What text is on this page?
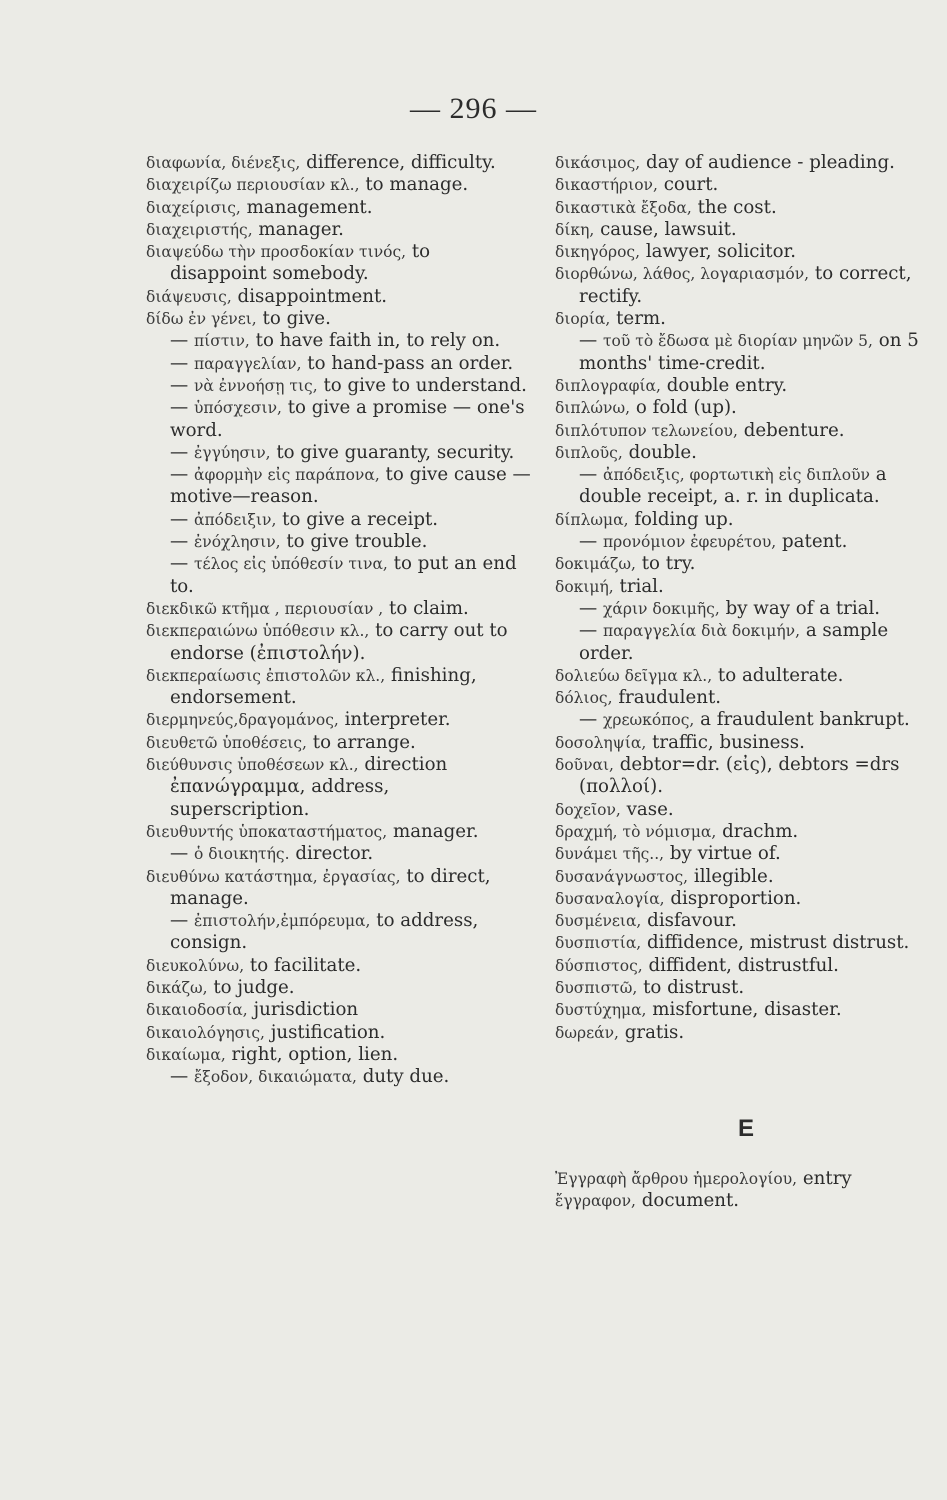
— 296 —

διαφωνία, διένεξις, difference, difficulty.

διαχειρίζω περιουσίαν κλ., to manage.

διαχείρισις, management.

διαχειριστής, manager.

διαψεύδω τὴν προσδοκίαν τινός, to disappoint somebody.

διάψευσις, disappointment.

δίδω ἐν γένει, to give.

— πίστιν, to have faith in, to rely on.

— παραγγελίαν, to hand-pass an order.

— νὰ ἐννοήσῃ τις, to give to understand.

— ὑπόσχεσιν, to give a promise — one's word.

— ἐγγύησιν, to give guaranty, security.

— ἀφορμὴν εἰς παράπονα, to give cause — motive—reason.

— ἀπόδειξιν, to give a receipt.

— ἐνόχλησιν, to give trouble.

— τέλος εἰς ὑπόθεσίν τινα, to put an end to.

διεκδικῶ κτῆμα , περιουσίαν , to claim.

διεκπεραιώνω ὑπόθεσιν κλ., to carry out to endorse (ἐπιστολήν).

διεκπεραίωσις ἐπιστολῶν κλ., finishing, endorsement.

διερμηνεύς,δραγομάνος, interpreter.

διευθετῶ ὑποθέσεις, to arrange.

διεύθυνσις ὑποθέσεων κλ., direction ἐπανώγραμμα, address, superscription.

διευθυντής ὑποκαταστήματος, manager.

— ὁ διοικητής. director.

διευθύνω κατάστημα, ἐργασίας, to direct, manage.

— ἐπιστολήν,ἐμπόρευμα, to address, consign.

διευκολύνω, to facilitate.

δικάζω, to judge.

δικαιοδοσία, jurisdiction

δικαιολόγησις, justification.

δικαίωμα, right, option, lien.

— ἔξοδον, δικαιώματα, duty due.

δικάσιμος, day of audience - pleading.

δικαστήριον, court.

δικαστικὰ ἔξοδα, the cost.

δίκη, cause, lawsuit.

δικηγόρος, lawyer, solicitor.

διορθώνω, λάθος, λογαριασμόν, to correct, rectify.

διορία, term.

— τοῦ τὸ ἔδωσα μὲ διορίαν μηνῶν 5, on 5 months' time-credit.

διπλογραφία, double entry.

διπλώνω, o fold (up).

διπλότυπον τελωνείου, debenture.

διπλοῦς, double.

— ἀπόδειξις, φορτωτικὴ εἰς διπλοῦν a double receipt, a. r. in duplicata.

δίπλωμα, folding up.

— προνόμιον ἐφευρέτου, patent.

δοκιμάζω, to try.

δοκιμή, trial.

— χάριν δοκιμῆς, by way of a trial.

— παραγγελία διὰ δοκιμήν, a sample order.

δολιεύω δεῖγμα κλ., to adulterate.

δόλιος, fraudulent.

— χρεωκόπος, a fraudulent bankrupt.

δοσοληψία, traffic, business.

δοῦναι, debtor=dr. (εἰς), debtors =drs (πολλοί).

δοχεῖον, vase.

δραχμή, τὸ νόμισμα, drachm.

δυνάμει τῆς.., by virtue of.

δυσανάγνωστος, illegible.

δυσαναλογία, disproportion.

δυσμένεια, disfavour.

δυσπιστία, diffidence, mistrust distrust.

δύσπιστος, diffident, distrustful.

δυσπιστῶ, to distrust.

δυστύχημα, misfortune, disaster.

δωρεάν, gratis.

E

Ἐγγραφὴ ἄρθρου ἡμερολογίου, entry

ἔγγραφον, document.
